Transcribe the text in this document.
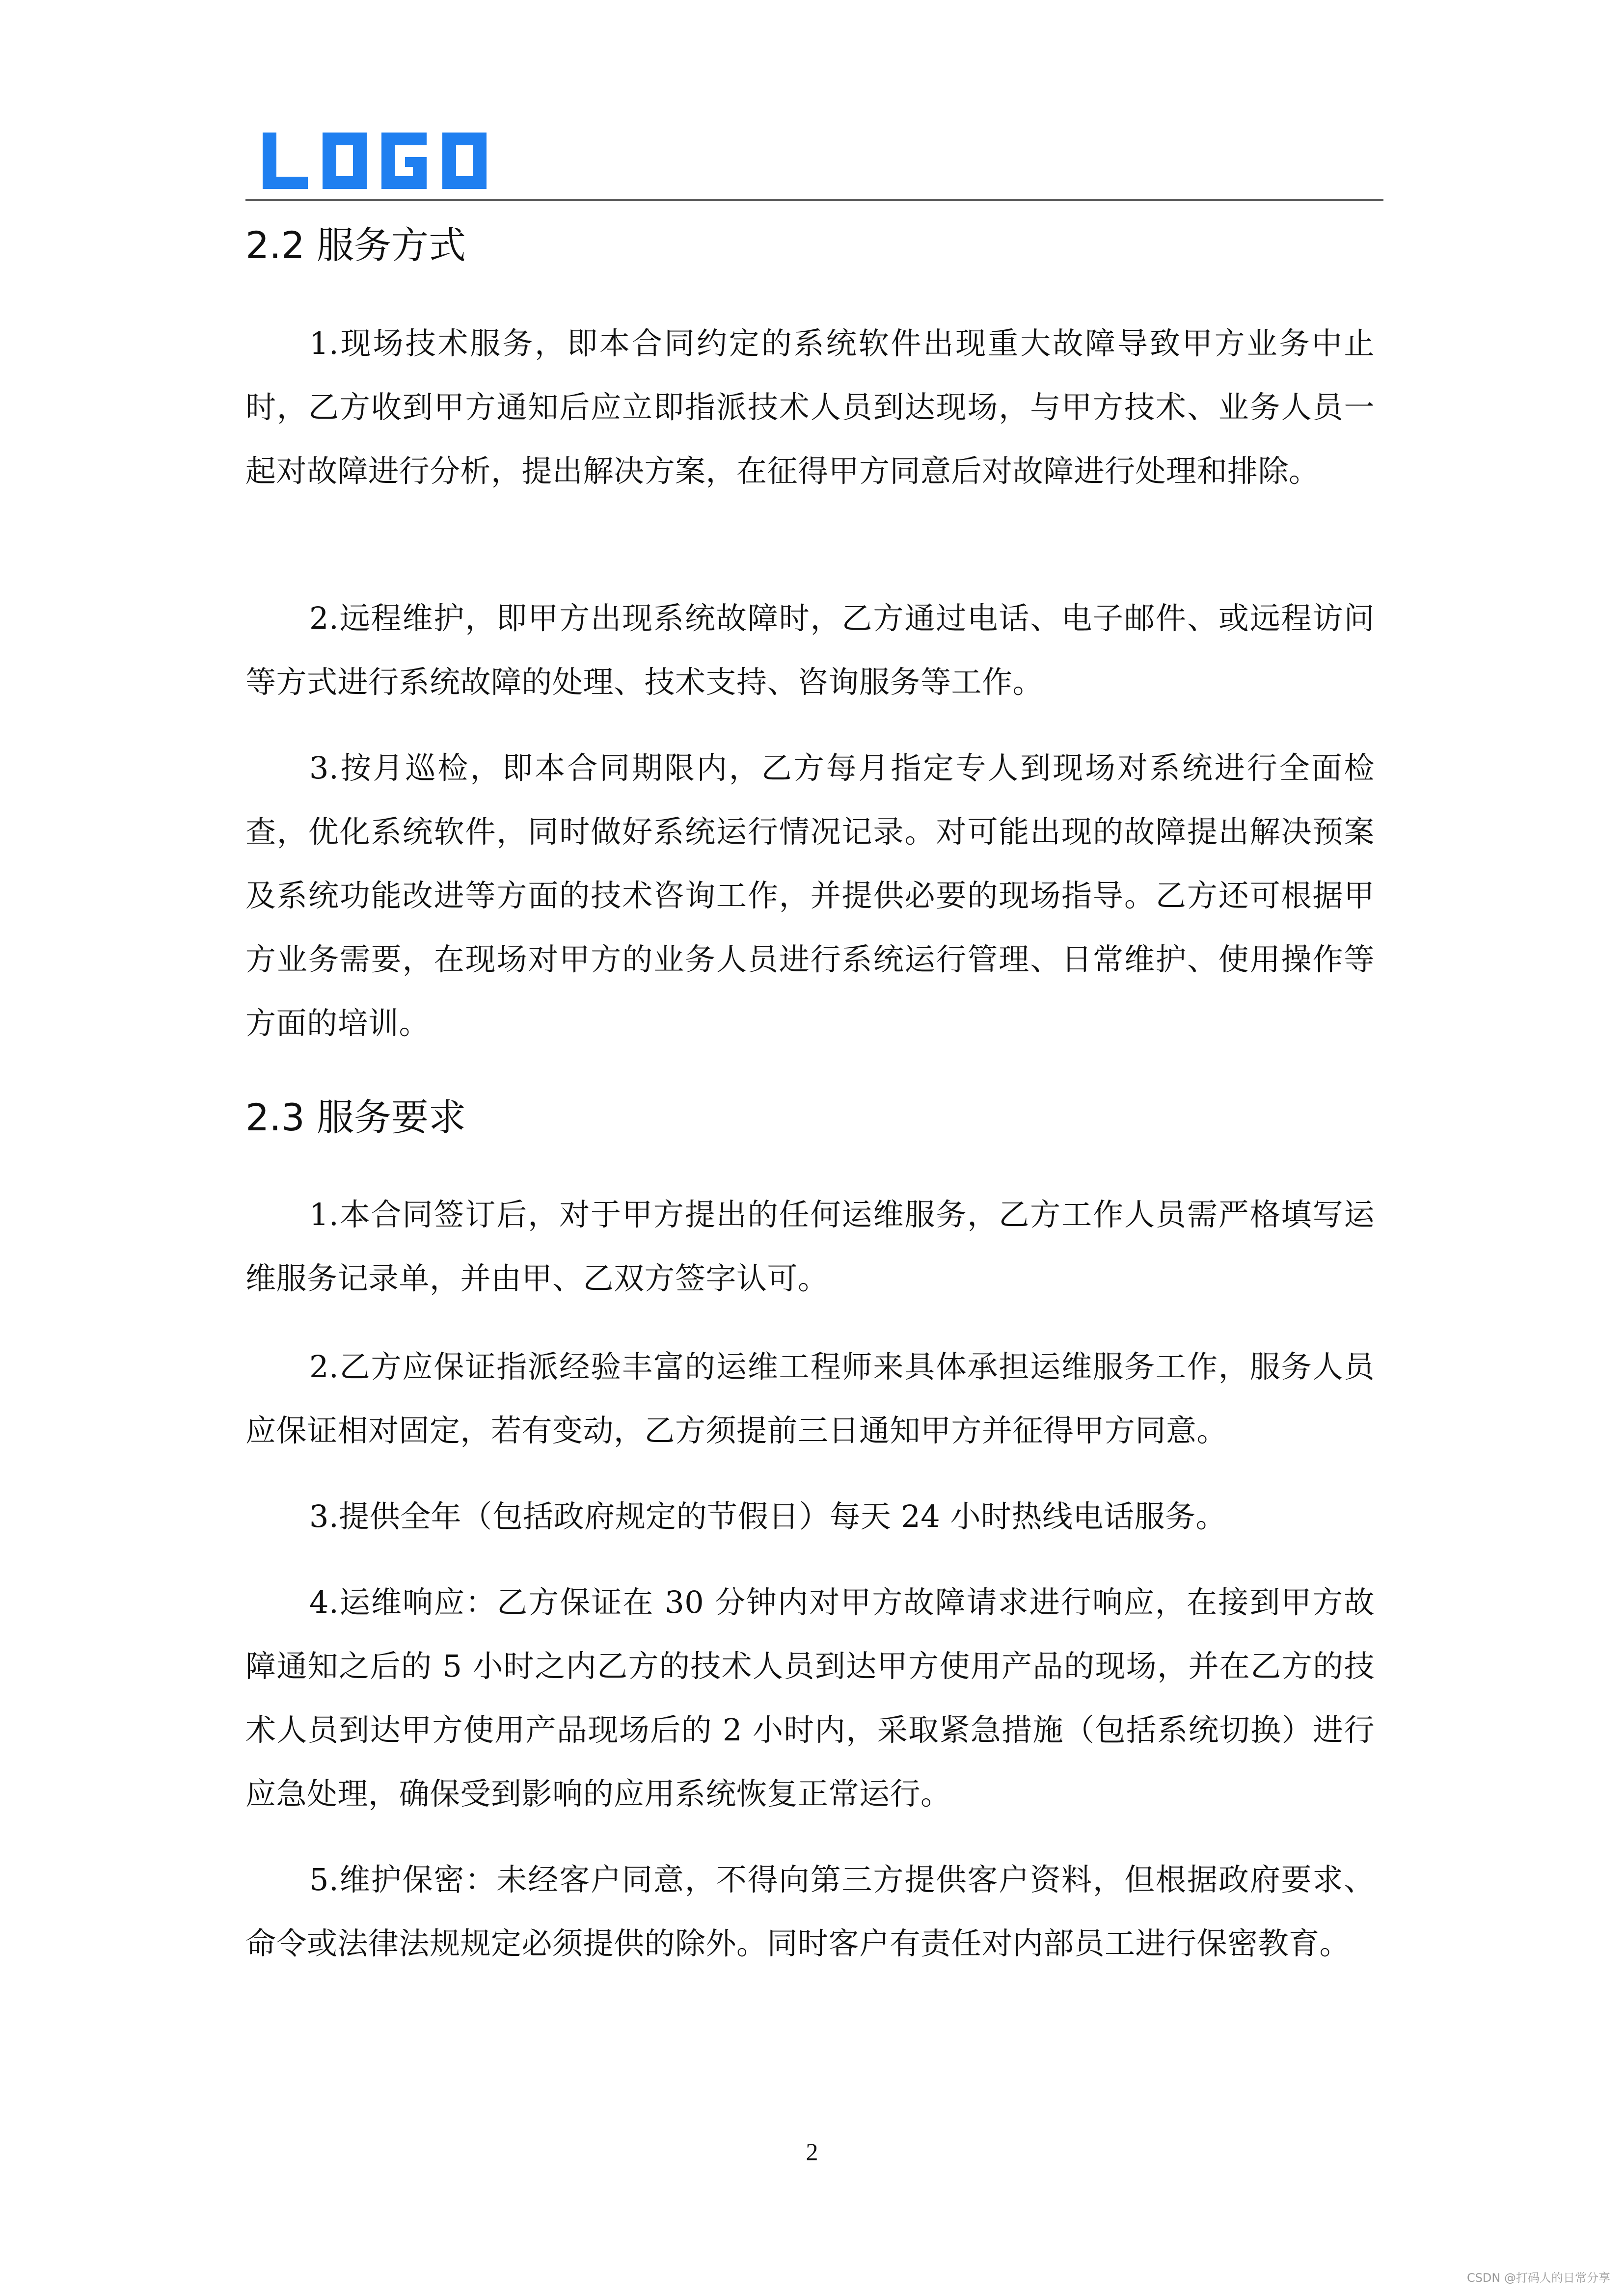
2.2 服务方式

1.现场技术服务，即本合同约定的系统软件出现重大故障导致甲方业务中止时，乙方收到甲方通知后应立即指派技术人员到达现场，与甲方技术、业务人员一起对故障进行分析，提出解决方案，在征得甲方同意后对故障进行处理和排除。

2.远程维护，即甲方出现系统故障时，乙方通过电话、电子邮件、或远程访问等方式进行系统故障的处理、技术支持、咨询服务等工作。

3.按月巡检，即本合同期限内，乙方每月指定专人到现场对系统进行全面检查，优化系统软件，同时做好系统运行情况记录。对可能出现的故障提出解决预案及系统功能改进等方面的技术咨询工作，并提供必要的现场指导。乙方还可根据甲方业务需要，在现场对甲方的业务人员进行系统运行管理、日常维护、使用操作等方面的培训。

2.3 服务要求

1.本合同签订后，对于甲方提出的任何运维服务，乙方工作人员需严格填写运维服务记录单，并由甲、乙双方签字认可。

2.乙方应保证指派经验丰富的运维工程师来具体承担运维服务工作，服务人员应保证相对固定，若有变动，乙方须提前三日通知甲方并征得甲方同意。

3.提供全年（包括政府规定的节假日）每天 24 小时热线电话服务。

4.运维响应：乙方保证在 30 分钟内对甲方故障请求进行响应，在接到甲方故障通知之后的 5 小时之内乙方的技术人员到达甲方使用产品的现场，并在乙方的技术人员到达甲方使用产品现场后的 2 小时内，采取紧急措施（包括系统切换）进行应急处理，确保受到影响的应用系统恢复正常运行。

5.维护保密：未经客户同意，不得向第三方提供客户资料，但根据政府要求、命令或法律法规规定必须提供的除外。同时客户有责任对内部员工进行保密教育。

2
CSDN @打码人的日常分享
